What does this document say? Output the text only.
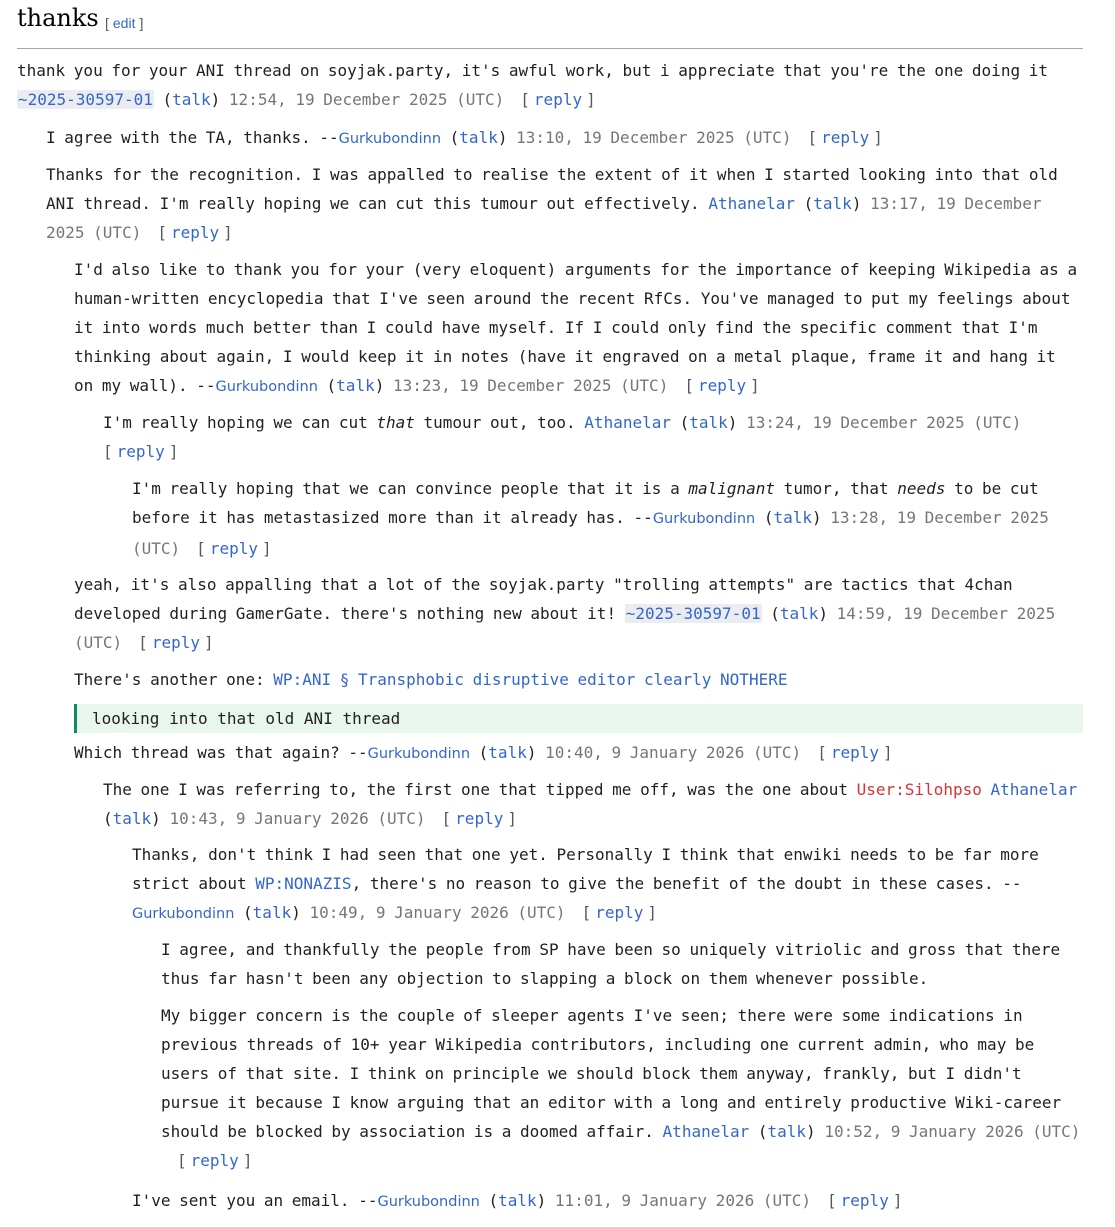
thanks [ edit ]
thank you for your ANI thread on soyjak.party, it's awful work, but i appreciate that you're the one doing it ~2025-30597-01 (talk) 12:54, 19 December 2025 (UTC) [ reply ]
I agree with the TA, thanks. --Gurkubondinn (talk) 13:10, 19 December 2025 (UTC) [ reply ]
Thanks for the recognition. I was appalled to realise the extent of it when I started looking into that old ANI thread. I'm really hoping we can cut this tumour out effectively. Athanelar (talk) 13:17, 19 December 2025 (UTC) [ reply ]
I'd also like to thank you for your (very eloquent) arguments for the importance of keeping Wikipedia as a human-written encyclopedia that I've seen around the recent RfCs. You've managed to put my feelings about it into words much better than I could have myself. If I could only find the specific comment that I'm thinking about again, I would keep it in notes (have it engraved on a metal plaque, frame it and hang it on my wall). --Gurkubondinn (talk) 13:23, 19 December 2025 (UTC) [ reply ]
I'm really hoping we can cut that tumour out, too. Athanelar (talk) 13:24, 19 December 2025 (UTC)[ reply ]
I'm really hoping that we can convince people that it is a malignant tumor, that needs to be cut before it has metastasized more than it already has. --Gurkubondinn (talk) 13:28, 19 December 2025 (UTC) [ reply ]
yeah, it's also appalling that a lot of the soyjak.party "trolling attempts" are tactics that 4chan developed during GamerGate. there's nothing new about it! ~2025-30597-01 (talk) 14:59, 19 December 2025 (UTC) [ reply ]
There's another one: WP:ANI § Transphobic disruptive editor clearly NOTHERE
looking into that old ANI thread
Which thread was that again? --Gurkubondinn (talk) 10:40, 9 January 2026 (UTC) [ reply ]
The one I was referring to, the first one that tipped me off, was the one about User:Silohpso Athanelar (talk) 10:43, 9 January 2026 (UTC) [ reply ]
Thanks, don't think I had seen that one yet. Personally I think that enwiki needs to be far more strict about WP:NONAZIS, there's no reason to give the benefit of the doubt in these cases. --Gurkubondinn (talk) 10:49, 9 January 2026 (UTC) [ reply ]
I agree, and thankfully the people from SP have been so uniquely vitriolic and gross that there thus far hasn't been any objection to slapping a block on them whenever possible.
My bigger concern is the couple of sleeper agents I've seen; there were some indications in previous threads of 10+ year Wikipedia contributors, including one current admin, who may be users of that site. I think on principle we should block them anyway, frankly, but I didn't pursue it because I know arguing that an editor with a long and entirely productive Wiki-career should be blocked by association is a doomed affair. Athanelar (talk) 10:52, 9 January 2026 (UTC)[ reply ]
I've sent you an email. --Gurkubondinn (talk) 11:01, 9 January 2026 (UTC) [ reply ]
